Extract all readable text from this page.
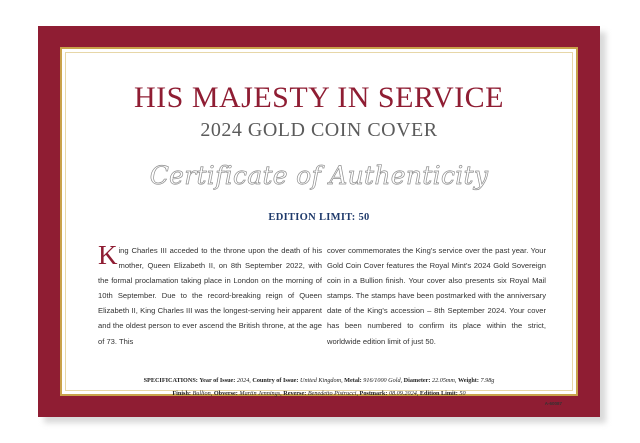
HIS MAJESTY IN SERVICE
2024 GOLD COIN COVER
Certificate of Authenticity
EDITION LIMIT: 50
King Charles III acceded to the throne upon the death of his mother, Queen Elizabeth II, on 8th September 2022, with the formal proclamation taking place in London on the morning of 10th September. Due to the record-breaking reign of Queen Elizabeth II, King Charles III was the longest-serving heir apparent and the oldest person to ever ascend the British throne, at the age of 73. This
cover commemorates the King's service over the past year. Your Gold Coin Cover features the Royal Mint's 2024 Gold Sovereign coin in a Bullion finish. Your cover also presents six Royal Mail stamps. The stamps have been postmarked with the anniversary date of the King's accession – 8th September 2024. Your cover has been numbered to confirm its place within the strict, worldwide edition limit of just 50.
SPECIFICATIONS: Year of Issue: 2024, Country of Issue: United Kingdom, Metal: 916/1000 Gold, Diameter: 22.05mm, Weight: 7.98g
Finish: Bullion, Obverse: Martin Jennings, Reverse: Benedetto Pistrucci, Postmark: 08.09.2024, Edition Limit: 50
A-60087
